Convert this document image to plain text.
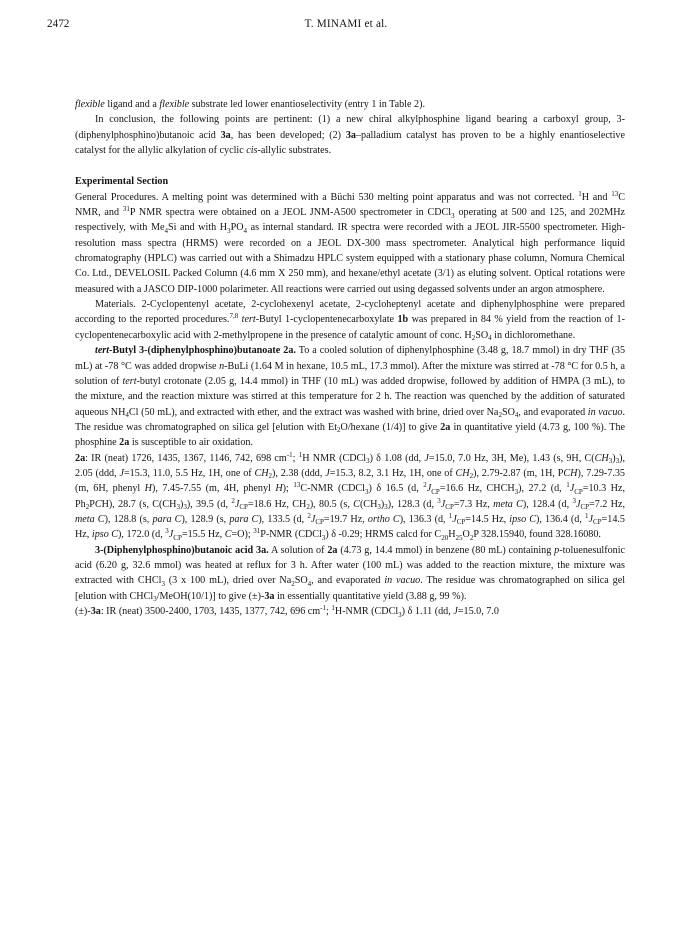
2472	T. MINAMI et al.

flexible ligand and a flexible substrate led lower enantioselectivity (entry 1 in Table 2).

In conclusion, the following points are pertinent: (1) a new chiral alkylphosphine ligand bearing a carboxyl group, 3-(diphenylphosphino)butanoic acid 3a, has been developed; (2) 3a–palladium catalyst has proven to be a highly enantioselective catalyst for the allylic alkylation of cyclic cis-allylic substrates.

Experimental Section

General Procedures. A melting point was determined with a Büchi 530 melting point apparatus and was not corrected. $^1$H and $^{13}$C NMR, and $^{31}$P NMR spectra were obtained on a JEOL JNM-A500 spectrometer in CDCl$_3$ operating at 500 and 125, and 202MHz respectively, with $Me_4Si$ and with $H_3PO_4$ as internal standard. IR spectra were recorded with a JEOL JIR-5500 spectrometer. High-resolution mass spectra (HRMS) were recorded on a JEOL DX-300 mass spectrometer. Analytical high performance liquid chromatography (HPLC) was carried out with a Shimadzu HPLC system equipped with a stationary phase column, Nomura Chemical Co. Ltd., DEVELOSIL Packed Column (4.6 mm X 250 mm), and hexane/ethyl acetate (3/1) as eluting solvent. Optical rotations were measured with a JASCO DIP-1000 polarimeter. All reactions were carried out using degassed solvents under an argon atmosphere.

Materials. 2-Cyclopentenyl acetate, 2-cyclohexenyl acetate, 2-cycloheptenyl acetate and diphenylphosphine were prepared according to the reported procedures.$^{7,8}$ tert-Butyl 1-cyclopentenecarboxylate 1b was prepared in 84 % yield from the reaction of 1-cyclopentenecarboxylic acid with 2-methylpropene in the presence of catalytic amount of conc. $H_2SO_4$ in dichloromethane.

tert-Butyl 3-(diphenylphosphino)butanoate 2a. To a cooled solution of diphenylphosphine (3.48 g, 18.7 mmol) in dry THF (35 mL) at -78 °C was added dropwise n-BuLi (1.64 M in hexane, 10.5 mL, 17.3 mmol). After the mixture was stirred at -78 °C for 0.5 h, a solution of tert-butyl crotonate (2.05 g, 14.4 mmol) in THF (10 mL) was added dropwise, followed by addition of HMPA (3 mL), to the mixture, and the reaction mixture was stirred at this temperature for 2 h. The reaction was quenched by the addition of saturated aqueous $NH_4Cl$ (50 mL), and extracted with ether, and the extract was washed with brine, dried over $Na_2SO_4$, and evaporated in vacuo. The residue was chromatographed on silica gel [elution with $Et_2O$/hexane (1/4)] to give 2a in quantitative yield (4.73 g, 100 %). The phosphine 2a is susceptible to air oxidation.

2a: IR (neat) 1726, 1435, 1367, 1146, 742, 698 $cm^{-1}$; $^1$H NMR (CDCl$_3$) δ 1.08 (dd, J=15.0, 7.0 Hz, 3H, Me), 1.43 (s, 9H, $C(CH_3)_3$), 2.05 (ddd, J=15.3, 11.0, 5.5 Hz, 1H, one of $CH_2$), 2.38 (ddd, J=15.3, 8.2, 3.1 Hz, 1H, one of $CH_2$), 2.79-2.87 (m, 1H, PCH), 7.29-7.35 (m, 6H, phenyl H), 7.45-7.55 (m, 4H, phenyl H); $^{13}$C-NMR (CDCl$_3$) δ 16.5 (d, $^2J_{CP}=16.6$ Hz, $CHCH_3$), 27.2 (d, $^1J_{CP}=10.3$ Hz, $Ph_2PCH$), 28.7 (s, $C(CH_3)_3$), 39.5 (d, $^2J_{CP}=18.6$ Hz, $CH_2$), 80.5 (s, $C(CH_3)_3$), 128.3 (d, $^3J_{CP}=7.3$ Hz, meta C), 128.4 (d, $^3J_{CP}=7.2$ Hz, meta C), 128.8 (s, para C), 128.9 (s, para C), 133.5 (d, $^2J_{CP}=19.7$ Hz, ortho C), 136.3 (d, $^1J_{CP}=14.5$ Hz, ipso C), 136.4 (d, $^1J_{CP}=14.5$ Hz, ipso C), 172.0 (d, $^3J_{CP}=15.5$ Hz, C=O); $^{31}$P-NMR (CDCl$_3$) δ -0.29; HRMS calcd for $C_{20}H_{25}O_2P$ 328.15940, found 328.16080.

3-(Diphenylphosphino)butanoic acid 3a. A solution of 2a (4.73 g, 14.4 mmol) in benzene (80 mL) containing p-toluenesulfonic acid (6.20 g, 32.6 mmol) was heated at reflux for 3 h. After water (100 mL) was added to the reaction mixture, the mixture was extracted with CHCl$_3$ (3 x 100 mL), dried over $Na_2SO_4$, and evaporated in vacuo. The residue was chromatographed on silica gel [elution with CHCl$_3$/MeOH(10/1)] to give (±)-3a in essentially quantitative yield (3.88 g, 99 %).

(±)-3a: IR (neat) 3500-2400, 1703, 1435, 1377, 742, 696 $cm^{-1}$; $^1$H-NMR (CDCl$_3$) δ 1.11 (dd, J=15.0, 7.0
